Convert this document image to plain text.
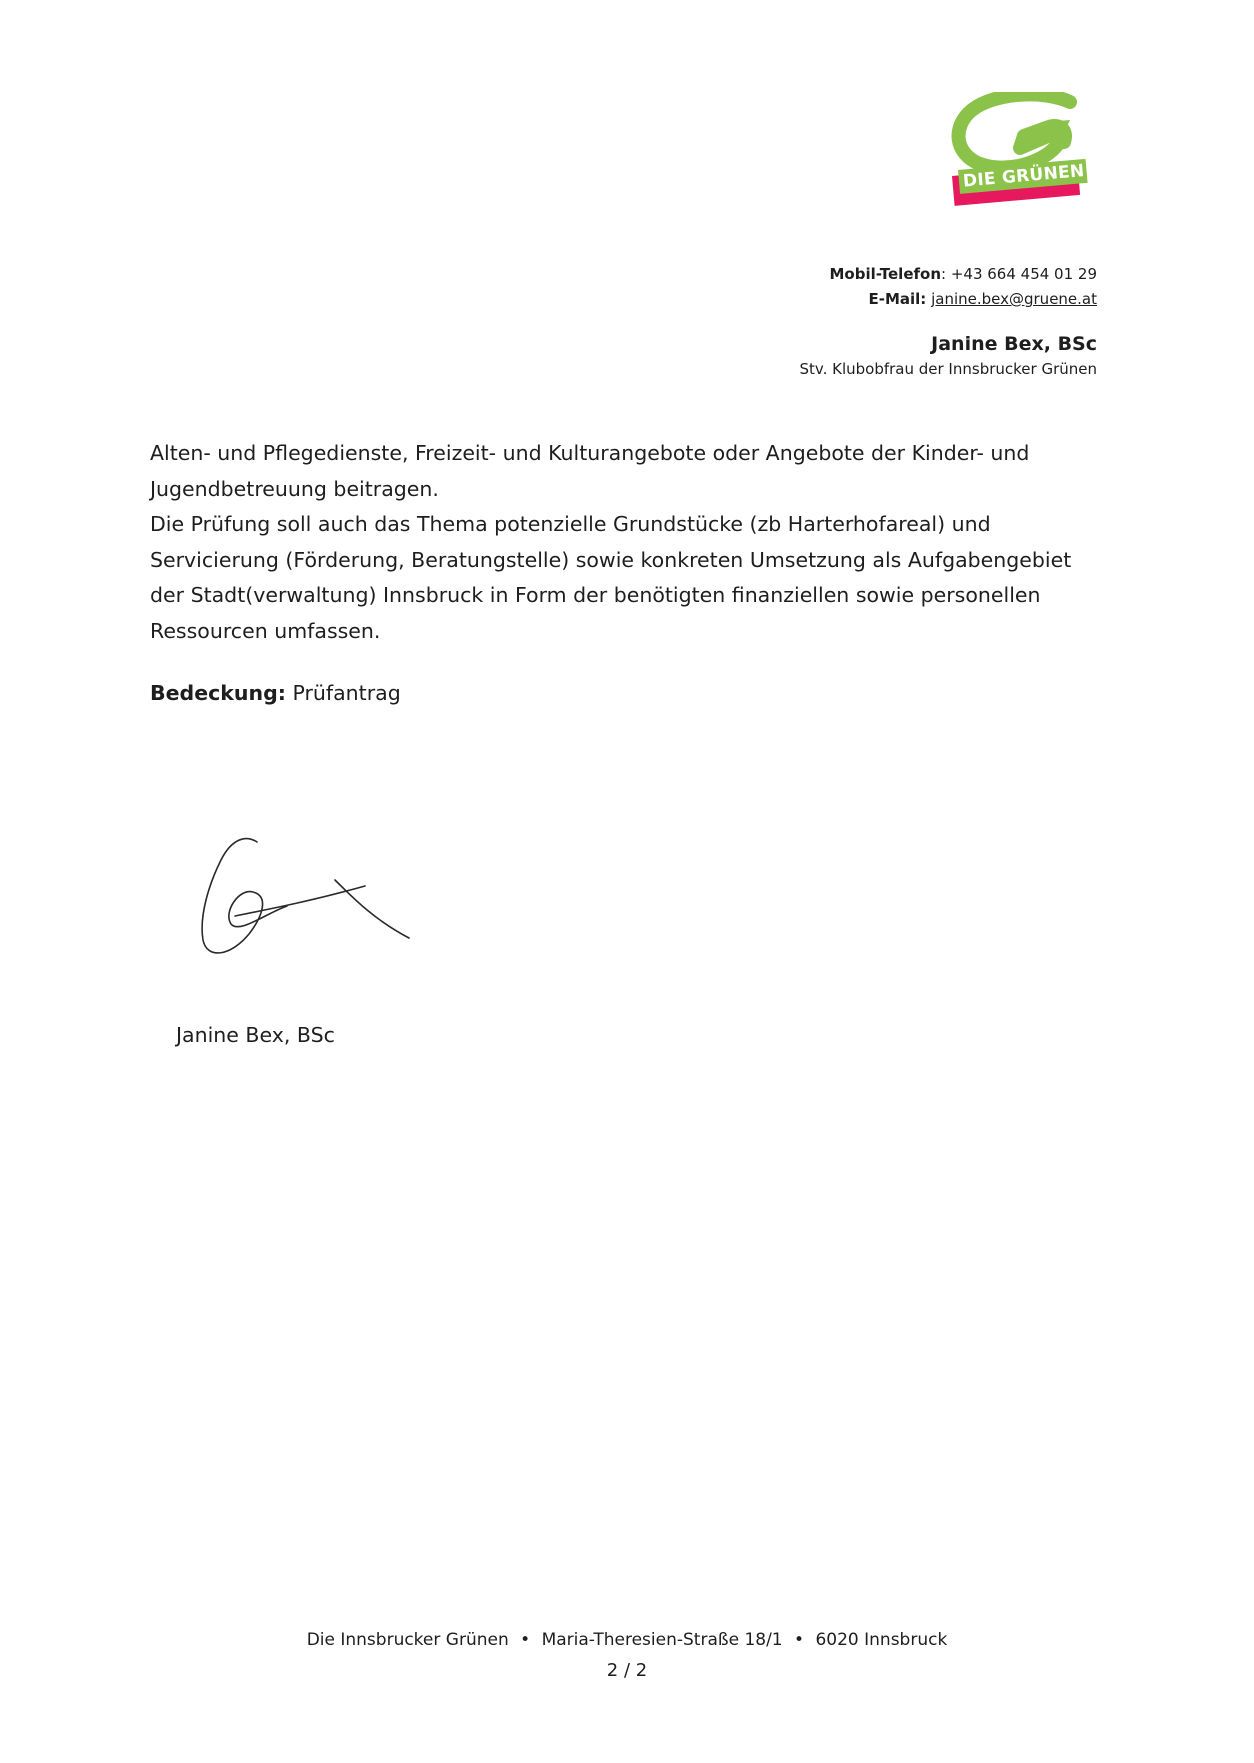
DIE GRÜNEN
INNSBRUCK
Mobil-Telefon: +43 664 454 01 29
E-Mail: janine.bex@gruene.at
Janine Bex, BSc
Stv. Klubobfrau der Innsbrucker Grünen

Alten- und Pflegedienste, Freizeit- und Kulturangebote oder Angebote der Kinder- und Jugendbetreuung beitragen.

Die Prüfung soll auch das Thema potenzielle Grundstücke (zb Harterhofareal) und Servicierung (Förderung, Beratungstelle) sowie konkreten Umsetzung als Aufgabengebiet der Stadt(verwaltung) Innsbruck in Form der benötigten finanziellen sowie personellen Ressourcen umfassen.

Bedeckung: Prüfantrag
Janine Bex, BSc
Die Innsbrucker Grünen • Maria-Theresien-Straße 18/1 • 6020 Innsbruck
2 / 2
